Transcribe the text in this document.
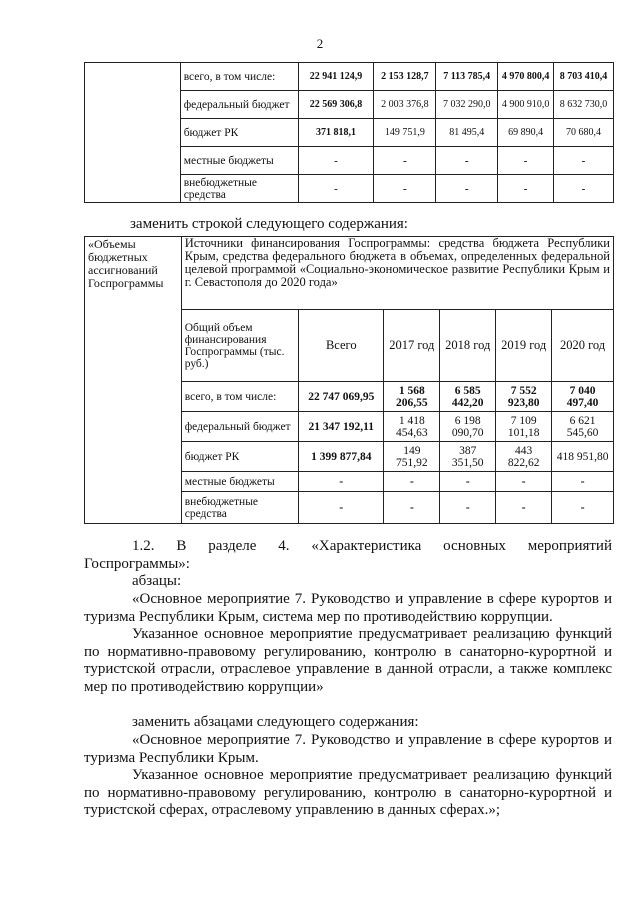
2
	всего, в том числе:	22 941 124,9	2 153 128,7	7 113 785,4	4 970 800,4	8 703 410,4
	федеральный бюджет	22 569 306,8	2 003 376,8	7 032 290,0	4 900 910,0	8 632 730,0
	бюджет РК	371 818,1	149 751,9	81 495,4	69 890,4	70 680,4
	местные бюджеты	-	-	-	-	-
	внебюджетные средства	-	-	-	-	-
заменить строкой следующего содержания:
«Объемы бюджетных ассигнований Госпрограммы	Источники финансирования Госпрограммы: средства бюджета Республики Крым, средства федерального бюджета в объемах, определенных федеральной целевой программой «Социально-экономическое развитие Республики Крым и г. Севастополя до 2020 года»					
	Общий объем финансирования Госпрограммы (тыс. руб.)	Всего	2017 год	2018 год	2019 год	2020 год
	всего, в том числе:	22 747 069,95	1 568 206,55	6 585 442,20	7 552 923,80	7 040 497,40
	федеральный бюджет	21 347 192,11	1 418 454,63	6 198 090,70	7 109 101,18	6 621 545,60
	бюджет РК	1 399 877,84	149 751,92	387 351,50	443 822,62	418 951,80
	местные бюджеты	-	-	-	-	-
	внебюджетные средства	-	-	-	-	-
1.2. В разделе 4. «Характеристика основных мероприятий Госпрограммы»:
абзацы:
«Основное мероприятие 7. Руководство и управление в сфере курортов и туризма Республики Крым, система мер по противодействию коррупции.
Указанное основное мероприятие предусматривает реализацию функций по нормативно-правовому регулированию, контролю в санаторно-курортной и туристской отрасли, отраслевое управление в данной отрасли, а также комплекс мер по противодействию коррупции»
заменить абзацами следующего содержания:
«Основное мероприятие 7. Руководство и управление в сфере курортов и туризма Республики Крым.
Указанное основное мероприятие предусматривает реализацию функций по нормативно-правовому регулированию, контролю в санаторно-курортной и туристской сферах, отраслевому управлению в данных сферах.»;
